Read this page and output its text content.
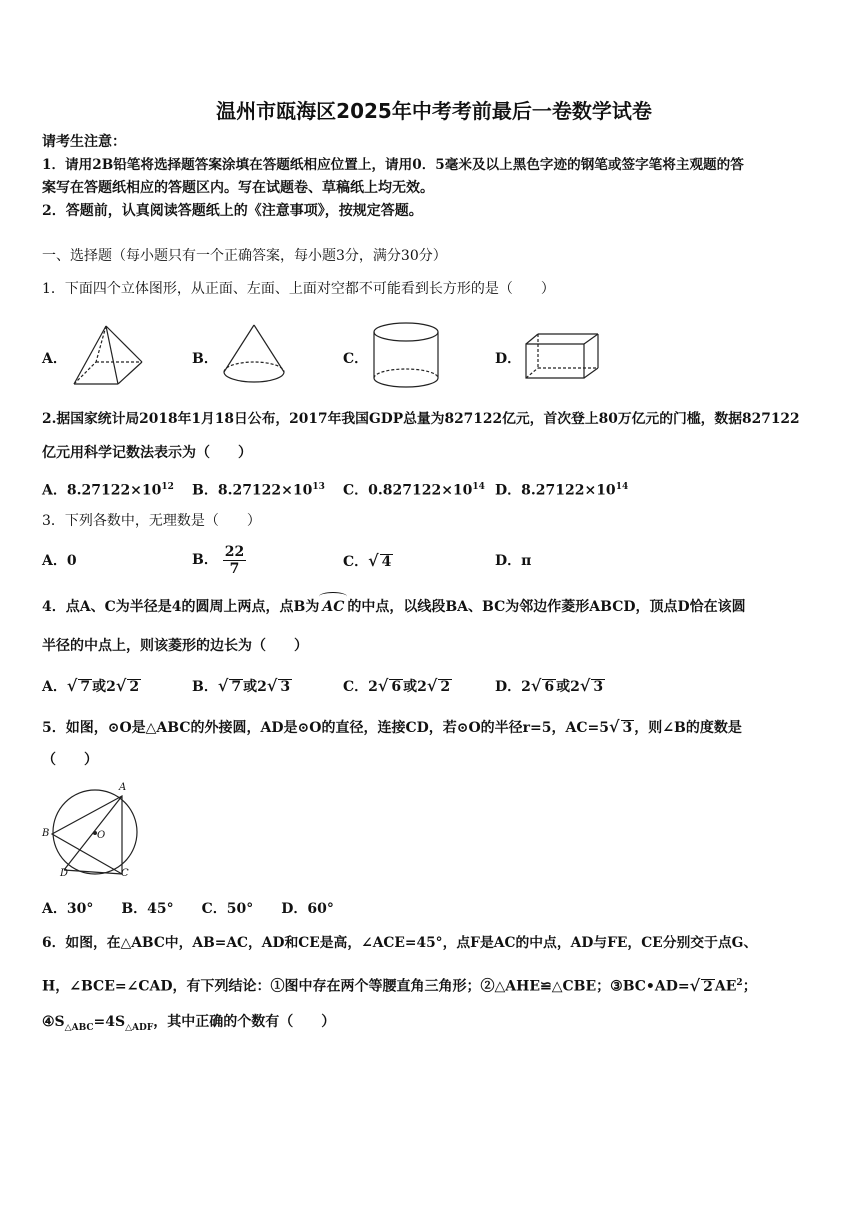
温州市瓯海区2025年中考考前最后一卷数学试卷
请考生注意：
1．请用2B铅笔将选择题答案涂填在答题纸相应位置上，请用0．5毫米及以上黑色字迹的钢笔或签字笔将主观题的答
案写在答题纸相应的答题区内。写在试题卷、草稿纸上均无效。
2．答题前，认真阅读答题纸上的《注意事项》，按规定答题。
一、选择题（每小题只有一个正确答案，每小题3分，满分30分）
1．下面四个立体图形，从正面、左面、上面对空都不可能看到长方形的是（　　）
A．	B．	C．	D．
2.据国家统计局2018年1月18日公布，2017年我国GDP总量为827122亿元，首次登上80万亿元的门槛，数据827122
亿元用科学记数法表示为（　　）
A．$8.27122\times 10^{12}$ B．$8.27122\times 10^{13}$ C．$0.827122\times 10^{14}$ D．$8.27122\times 10^{14}$
3．下列各数中，无理数是（　　）
A．0	B． $\frac{22}{7}$	C．√ 4	D．π
4．点A、C为半径是4的圆周上两点，点B为 AC 的中点，以线段BA、BC为邻边作菱形ABCD，顶点D恰在该圆
半径的中点上，则该菱形的边长为（　　）
A．√ 7 或2√ 2	B．√ 7 或2√ 3	C．2√ 6 或2√ 2	D．2√ 6 或2√ 3
5．如图，⊙O是△ABC的外接圆，AD是⊙O的直径，连接CD，若⊙O的半径r=5，AC=5√ 3 ，则∠B的度数是
（　　）
A
B
C
D
O
A．30°　　B．45°　　C．50°　　D．60°
6．如图，在△ABC中，AB=AC，AD和CE是高，∠ACE=45°，点F是AC的中点，AD与FE，CE分别交于点G、
H，∠BCE=∠CAD，有下列结论：①图中存在两个等腰直角三角形；②△AHE≌△CBE；③BC•AD=√ 2 $AE^2$；
$④S_{\triangle ABC}=4S_{\triangle ADF}$，其中正确的个数有（　　）
